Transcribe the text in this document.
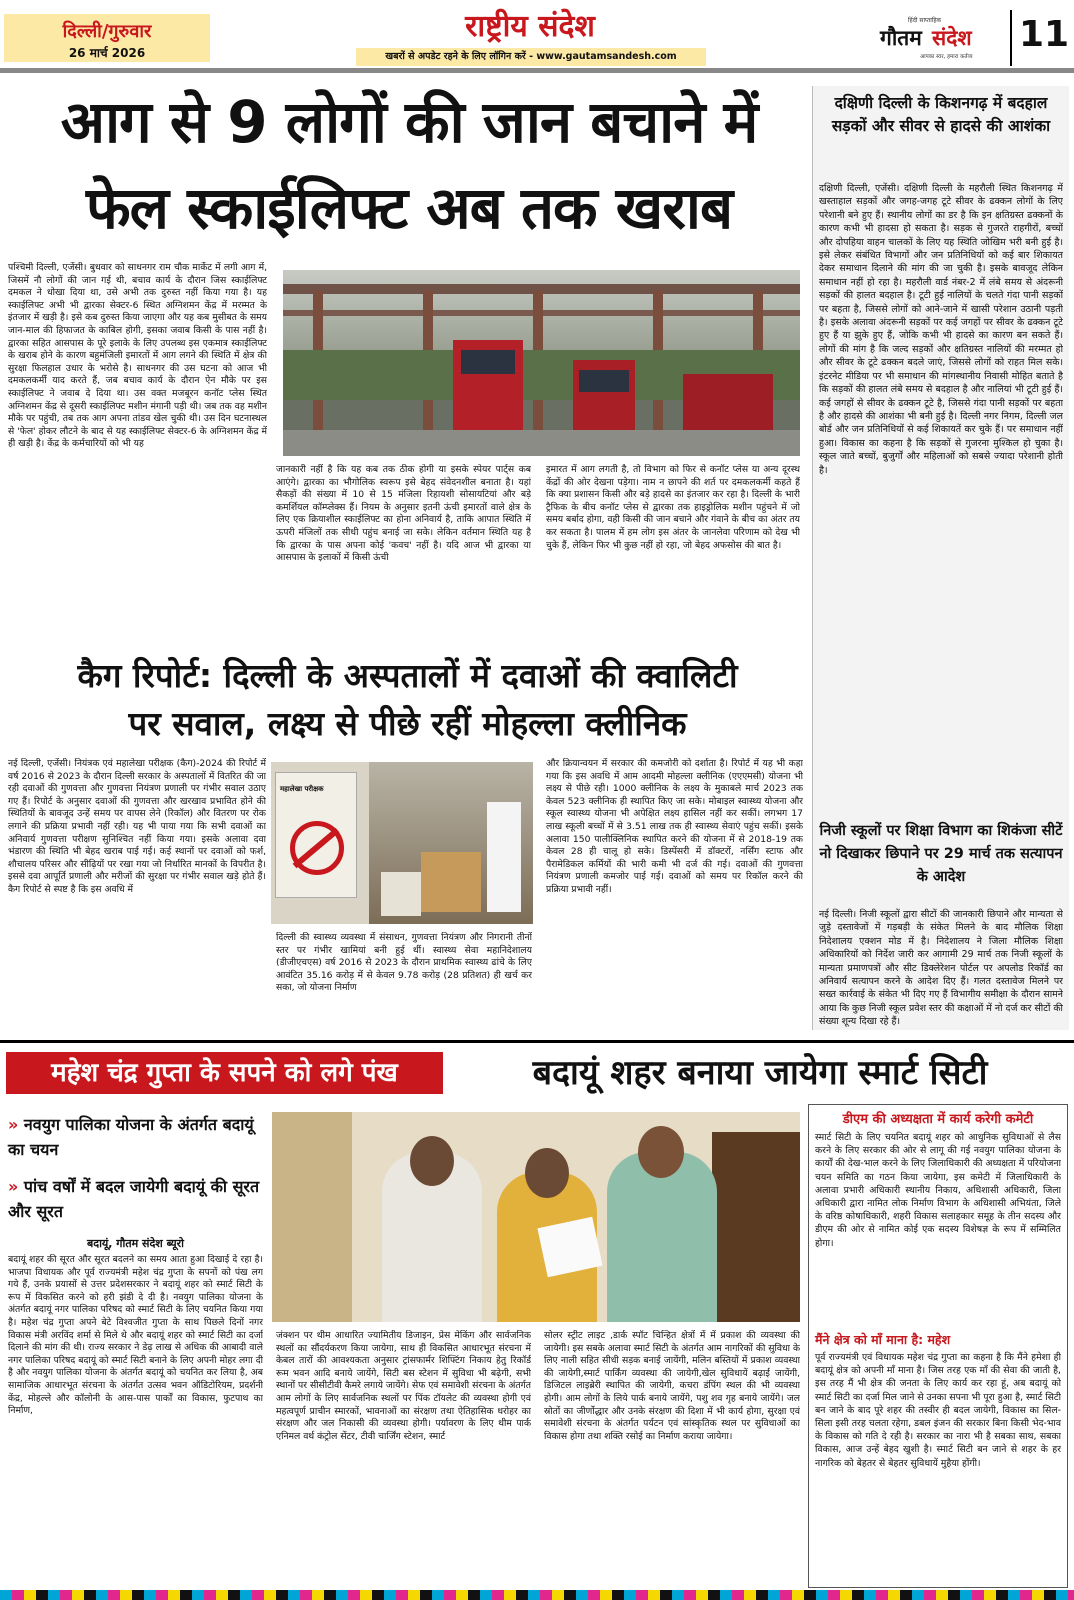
दिल्ली/गुरुवार
26 मार्च 2026
राष्ट्रीय संदेश
खबरों से अपडेट रहने के लिए लॉगिन करें - www.gautamsandesh.com
हिंदी साप्ताहिक
गौतम संदेश
आपका स्वर, हमारा कर्तव्य
11
आग से 9 लोगों की जान बचाने में
फेल स्काईलिफ्ट अब तक खराब

पश्चिमी दिल्ली, एजेंसी। बुधवार को साधनगर राम चौक मार्केट में लगी आग में, जिसमें नौ लोगों की जान गई थी, बचाव कार्य के दौरान जिस स्काईलिफ्ट दमकल ने धोखा दिया था, उसे अभी तक दुरुस्त नहीं किया गया है। यह स्काईलिफ्ट अभी भी द्वारका सेक्टर-6 स्थित अग्निशमन केंद्र में मरम्मत के इंतजार में खड़ी है। इसे कब दुरुस्त किया जाएगा और यह कब मुसीबत के समय जान-माल की हिफाजत के काबिल होगी, इसका जवाब किसी के पास नहीं है। द्वारका सहित आसपास के पूरे इलाके के लिए उपलब्ध इस एकमात्र स्काईलिफ्ट के खराब होने के कारण बहुमंजिली इमारतों में आग लगने की स्थिति में क्षेत्र की सुरक्षा फिलहाल उधार के भरोसे है। साधनगर की उस घटना को आज भी दमकलकर्मी याद करते हैं, जब बचाव कार्य के दौरान ऐन मौके पर इस स्काईलिफ्ट ने जवाब दे दिया था। उस वक्त मजबूरन कनॉट प्लेस स्थित अग्निशमन केंद्र से दूसरी स्काईलिफ्ट मशीन मंगानी पड़ी थी। जब तक वह मशीन मौके पर पहुंची, तब तक आग अपना तांडव खेल चुकी थी। उस दिन घटनास्थल से 'फेल' होकर लौटने के बाद से यह स्काईलिफ्ट सेक्टर-6 के अग्निशमन केंद्र में ही खड़ी है। केंद्र के कर्मचारियों को भी यह

जानकारी नहीं है कि यह कब तक ठीक होगी या इसके स्पेयर पार्ट्स कब आएंगे। द्वारका का भौगोलिक स्वरूप इसे बेहद संवेदनशील बनाता है। यहां सैकड़ों की संख्या में 10 से 15 मंजिला रिहायशी सोसायटियां और बड़े कमर्शियल कॉम्प्लेक्स हैं। नियम के अनुसार इतनी ऊंची इमारतों वाले क्षेत्र के लिए एक क्रियाशील स्काईलिफ्ट का होना अनिवार्य है, ताकि आपात स्थिति में ऊपरी मंजिलों तक सीधी पहुंच बनाई जा सके। लेकिन वर्तमान स्थिति यह है कि द्वारका के पास अपना कोई 'कवच' नहीं है। यदि आज भी द्वारका या आसपास के इलाकों में किसी ऊंची

इमारत में आग लगती है, तो विभाग को फिर से कनॉट प्लेस या अन्य दूरस्थ केंद्रों की ओर देखना पड़ेगा। नाम न छापने की शर्त पर दमकलकर्मी कहते हैं कि क्या प्रशासन किसी और बड़े हादसे का इंतजार कर रहा है। दिल्ली के भारी ट्रैफिक के बीच कनॉट प्लेस से द्वारका तक हाइड्रोलिक मशीन पहुंचने में जो समय बर्बाद होगा, वही किसी की जान बचाने और गंवाने के बीच का अंतर तय कर सकता है। पालम में हम लोग इस अंतर के जानलेवा परिणाम को देख भी चुके हैं, लेकिन फिर भी कुछ नहीं हो रहा, जो बेहद अफसोस की बात है।

कैग रिपोर्ट: दिल्ली के अस्पतालों में दवाओं की क्वालिटी
पर सवाल, लक्ष्य से पीछे रहीं मोहल्ला क्लीनिक

नई दिल्ली, एजेंसी। नियंत्रक एवं महालेखा परीक्षक (कैग)-2024 की रिपोर्ट में वर्ष 2016 से 2023 के दौरान दिल्ली सरकार के अस्पतालों में वितरित की जा रही दवाओं की गुणवत्ता और गुणवत्ता नियंत्रण प्रणाली पर गंभीर सवाल उठाए गए हैं। रिपोर्ट के अनुसार दवाओं की गुणवत्ता और खरखाव प्रभावित होने की स्थितियों के बावजूद उन्हें समय पर वापस लेने (रिकॉल) और वितरण पर रोक लगाने की प्रक्रिया प्रभावी नहीं रही। यह भी पाया गया कि सभी दवाओं का अनिवार्य गुणवत्ता परीक्षण सुनिश्चित नहीं किया गया। इसके अलावा दवा भंडारण की स्थिति भी बेहद खराब पाई गई। कई स्थानों पर दवाओं को फर्श, शौचालय परिसर और सीढ़ियों पर रखा गया जो निर्धारित मानकों के विपरीत है। इससे दवा आपूर्ति प्रणाली और मरीजों की सुरक्षा पर गंभीर सवाल खड़े होते हैं। कैग रिपोर्ट से स्पष्ट है कि इस अवधि में

महालेखा परीक्षक

दिल्ली की स्वास्थ्य व्यवस्था में संसाधन, गुणवत्ता नियंत्रण और निगरानी तीनों स्तर पर गंभीर खामियां बनी हुई थीं। स्वास्थ्य सेवा महानिदेशालय (डीजीएचएस) वर्ष 2016 से 2023 के दौरान प्राथमिक स्वास्थ्य ढांचे के लिए आवंटित 35.16 करोड़ में से केवल 9.78 करोड़ (28 प्रतिशत) ही खर्च कर सका, जो योजना निर्माण

और क्रियान्वयन में सरकार की कमजोरी को दर्शाता है। रिपोर्ट में यह भी कहा गया कि इस अवधि में आम आदमी मोहल्ला क्लीनिक (एएएमसी) योजना भी लक्ष्य से पीछे रही। 1000 क्लीनिक के लक्ष्य के मुकाबले मार्च 2023 तक केवल 523 क्लीनिक ही स्थापित किए जा सके। मोबाइल स्वास्थ्य योजना और स्कूल स्वास्थ्य योजना भी अपेक्षित लक्ष्य हासिल नहीं कर सकीं। लगभग 17 लाख स्कूली बच्चों में से 3.51 लाख तक ही स्वास्थ्य सेवाएं पहुंच सकीं। इसके अलावा 150 पालीक्लिनिक स्थापित करने की योजना में से 2018-19 तक केवल 28 ही चालू हो सके। डिस्पेंसरी में डॉक्टरों, नर्सिंग स्टाफ और पैरामेडिकल कर्मियों की भारी कमी भी दर्ज की गई। दवाओं की गुणवत्ता नियंत्रण प्रणाली कमजोर पाई गई। दवाओं को समय पर रिकॉल करने की प्रक्रिया प्रभावी नहीं।

दक्षिणी दिल्ली के किशनगढ़ में बदहाल सड़कों और सीवर से हादसे की आशंका

दक्षिणी दिल्ली, एजेंसी। दक्षिणी दिल्ली के महरौली स्थित किशनगढ़ में खस्ताहाल सड़कों और जगह-जगह टूटे सीवर के ढक्कन लोगों के लिए परेशानी बने हुए हैं। स्थानीय लोगों का डर है कि इन क्षतिग्रस्त ढक्कनों के कारण कभी भी हादसा हो सकता है। सड़क से गुजरते राहगीरों, बच्चों और दोपहिया वाहन चालकों के लिए यह स्थिति जोखिम भरी बनी हुई है। इसे लेकर संबंधित विभागों और जन प्रतिनिधियों को कई बार शिकायत देकर समाधान दिलाने की मांग की जा चुकी है। इसके बावजूद लेकिन समाधान नहीं हो रहा है। महरौली वार्ड नंबर-2 में लंबे समय से अंदरूनी सड़कों की हालत बदहाल है। टूटी हुई नालियों के चलते गंदा पानी सड़कों पर बहता है, जिससे लोगों को आने-जाने में खासी परेशान उठानी पड़ती है। इसके अलावा अंदरूनी सड़कों पर कई जगहों पर सीवर के ढक्कन टूटे हुए हैं या झुके हुए हैं, जोकि कभी भी हादसे का कारण बन सकते हैं। लोगों की मांग है कि जल्द सड़कों और क्षतिग्रस्त नालियों की मरम्मत हो और सीवर के टूटे ढक्कन बदले जाएं, जिससे लोगों को राहत मिल सके। इंटरनेट मीडिया पर भी समाधान की मांगस्थानीय निवासी मोहित बताते है कि सड़कों की हालत लंबे समय से बदहाल है और नालियां भी टूटी हुई हैं। कई जगहों से सीवर के ढक्कन टूटे है, जिससे गंदा पानी सड़कों पर बहता है और हादसे की आशंका भी बनी हुई है। दिल्ली नगर निगम, दिल्ली जल बोर्ड और जन प्रतिनिधियों से कई शिकायतें कर चुके हैं। पर समाधान नहीं हुआ। विकास का कहना है कि सड़कों से गुजरना मुश्किल हो चुका है। स्कूल जाते बच्चों, बुजुर्गों और महिलाओं को सबसे ज्यादा परेशानी होती है।

निजी स्कूलों पर शिक्षा विभाग का शिकंजा सीटें नो दिखाकर छिपाने पर 29 मार्च तक सत्यापन के आदेश

नई दिल्ली। निजी स्कूलों द्वारा सीटों की जानकारी छिपाने और मान्यता से जुड़े दस्तावेजों में गड़बड़ी के संकेत मिलने के बाद मौलिक शिक्षा निदेशालय एक्शन मोड में है। निदेशालय ने जिला मौलिक शिक्षा अधिकारियों को निर्देश जारी कर आगामी 29 मार्च तक निजी स्कूलों के मान्यता प्रमाणपत्रों और सीट डिक्लेरेशन पोर्टल पर अपलोड रिकॉर्ड का अनिवार्य सत्यापन करने के आदेश दिए हैं। गलत दस्तावेज मिलने पर सख्त कार्रवाई के संकेत भी दिए गए हैं विभागीय समीक्षा के दौरान सामने आया कि कुछ निजी स्कूल प्रवेश स्तर की कक्षाओं में नो दर्ज कर सीटों की संख्या शून्य दिखा रहे हैं।

महेश चंद्र गुप्ता के सपने को लगे पंख	बदायूं शहर बनाया जायेगा स्मार्ट सिटी
» नवयुग पालिका योजना के अंतर्गत बदायूं का चयन
» पांच वर्षों में बदल जायेगी बदायूं की सूरत और सूरत
बदायूं, गौतम संदेश ब्यूरो

बदायूं शहर की सूरत और सूरत बदलने का समय आता हुआ दिखाई दे रहा है। भाजपा विधायक और पूर्व राज्यमंत्री महेश चंद्र गुप्ता के सपनों को पंख लग गये हैं, उनके प्रयासों से उत्तर प्रदेशसरकार ने बदायूं शहर को स्मार्ट सिटी के रूप में विकसित करने को हरी झंडी दे दी है। नवयुग पालिका योजना के अंतर्गत बदायूं नगर पालिका परिषद को स्मार्ट सिटी के लिए चयनित किया गया है। महेश चंद्र गुप्ता अपने बेटे विश्वजीत गुप्ता के साथ पिछले दिनों नगर विकास मंत्री अरविंद शर्मा से मिले थे और बदायूं शहर को स्मार्ट सिटी का दर्जा दिलाने की मांग की थी। राज्य सरकार ने डेढ़ लाख से अधिक की आबादी वाले नगर पालिका परिषद बदायूं को स्मार्ट सिटी बनाने के लिए अपनी मोहर लगा दी है और नवयुग पालिका योजना के अंतर्गत बदायूं को चयनित कर लिया है, अब सामाजिक आधारभूत संरचना के अंतर्गत उत्सव भवन ऑडिटोरियम, प्रदर्शनी केंद्र, मोहल्ले और कॉलोनी के आस-पास पार्कों का विकास, फुटपाथ का निर्माण,

जंक्शन पर थीम आधारित ज्यामितीय डिजाइन, प्रेस मेकिंग और सार्वजनिक स्थलों का सौंदर्यकरण किया जायेगा, साथ ही विकसित आधारभूत संरचना में केबल तारों की आवश्यकता अनुसार ट्रांसफार्मर शिफ्टिंग निकाय हेतु रिकॉर्ड रूम भवन आदि बनाये जायेंगे, सिटी बस स्टेशन में सुविधा भी बढ़ेगी, सभी स्थानों पर सीसीटीवी कैमरे लगाये जायेंगे। सेफ एवं समावेशी संरचना के अंतर्गत आम लोगों के लिए सार्वजनिक स्थलों पर पिंक टॉयलेट की व्यवस्था होगी एवं महत्वपूर्ण प्राचीन स्मारकों, भावनाओं का संरक्षण तथा ऐतिहासिक धरोहर का संरक्षण और जल निकासी की व्यवस्था होगी। पर्यावरण के लिए थीम पार्क एनिमल वर्थ कंट्रोल सेंटर, टीवी चार्जिंग स्टेशन, स्मार्ट

सोलर स्ट्रीट लाइट ,डार्क स्पॉट चिन्हित क्षेत्रों में में प्रकाश की व्यवस्था की जायेगी। इस सबके अलावा स्मार्ट सिटी के अंतर्गत आम नागरिकों की सुविधा के लिए नाली सहित सीधी सड़क बनाई जायेंगी, मलिन बस्तियों में प्रकाश व्यवस्था की जायेगी,स्मार्ट पार्किंग व्यवस्था की जायेगी,खेल सुविधायें बढ़ाई जायेंगी, डिजिटल लाइब्रेरी स्थापित की जायेगी, कचरा डंपिंग स्थल की भी व्यवस्था होगी। आम लोगों के लिये पार्क बनाये जायेंगे, पशु शव गृह बनाये जायेंगे। जल स्रोतों का जीर्णोद्धार और उनके संरक्षण की दिशा में भी कार्य होगा, सुरक्षा एवं समावेशी संरचना के अंतर्गत पर्यटन एवं सांस्कृतिक स्थल पर सुविधाओं का विकास होगा तथा शक्ति रसोई का निर्माण कराया जायेगा।

डीएम की अध्यक्षता में कार्य करेगी कमेटी

स्मार्ट सिटी के लिए चयनित बदायूं शहर को आधुनिक सुविधाओं से लैस करने के लिए सरकार की ओर से लागू की गई नवयुग पालिका योजना के कार्यों की देख-भाल करने के लिए जिलाधिकारी की अध्यक्षता में परियोजना चयन समिति का गठन किया जायेगा, इस कमेटी में जिलाधिकारी के अलावा प्रभारी अधिकारी स्थानीय निकाय, अधिशासी अधिकारी, जिला अधिकारी द्वारा नामित लोक निर्माण विभाग के अधिशासी अभियंता, जिले के वरिष्ठ कोषाधिकारी, शहरी विकास सलाहकार समूह के तीन सदस्य और डीएम की ओर से नामित कोई एक सदस्य विशेषज्ञ के रूप में सम्मिलित होगा।

मैंने क्षेत्र को माँ माना है: महेश

पूर्व राज्यमंत्री एवं विधायक महेश चंद्र गुप्ता का कहना है कि मैंने हमेशा ही बदायूं क्षेत्र को अपनी माँ माना है। जिस तरह एक माँ की सेवा की जाती है, इस तरह मैं भी क्षेत्र की जनता के लिए कार्य कर रहा हूं, अब बदायूं को स्मार्ट सिटी का दर्जा मिल जाने से उनका सपना भी पूरा हुआ है, स्मार्ट सिटी बन जाने के बाद पूरे शहर की तस्वीर ही बदल जायेगी, विकास का सिल-सिला इसी तरह चलता रहेगा, डबल इंजन की सरकार बिना किसी भेद-भाव के विकास को गति दे रही है। सरकार का नारा भी है सबका साथ, सबका विकास, आज उन्हें बेहद खुशी है। स्मार्ट सिटी बन जाने से शहर के हर नागरिक को बेहतर से बेहतर सुविधायें मुहैया होंगी।
